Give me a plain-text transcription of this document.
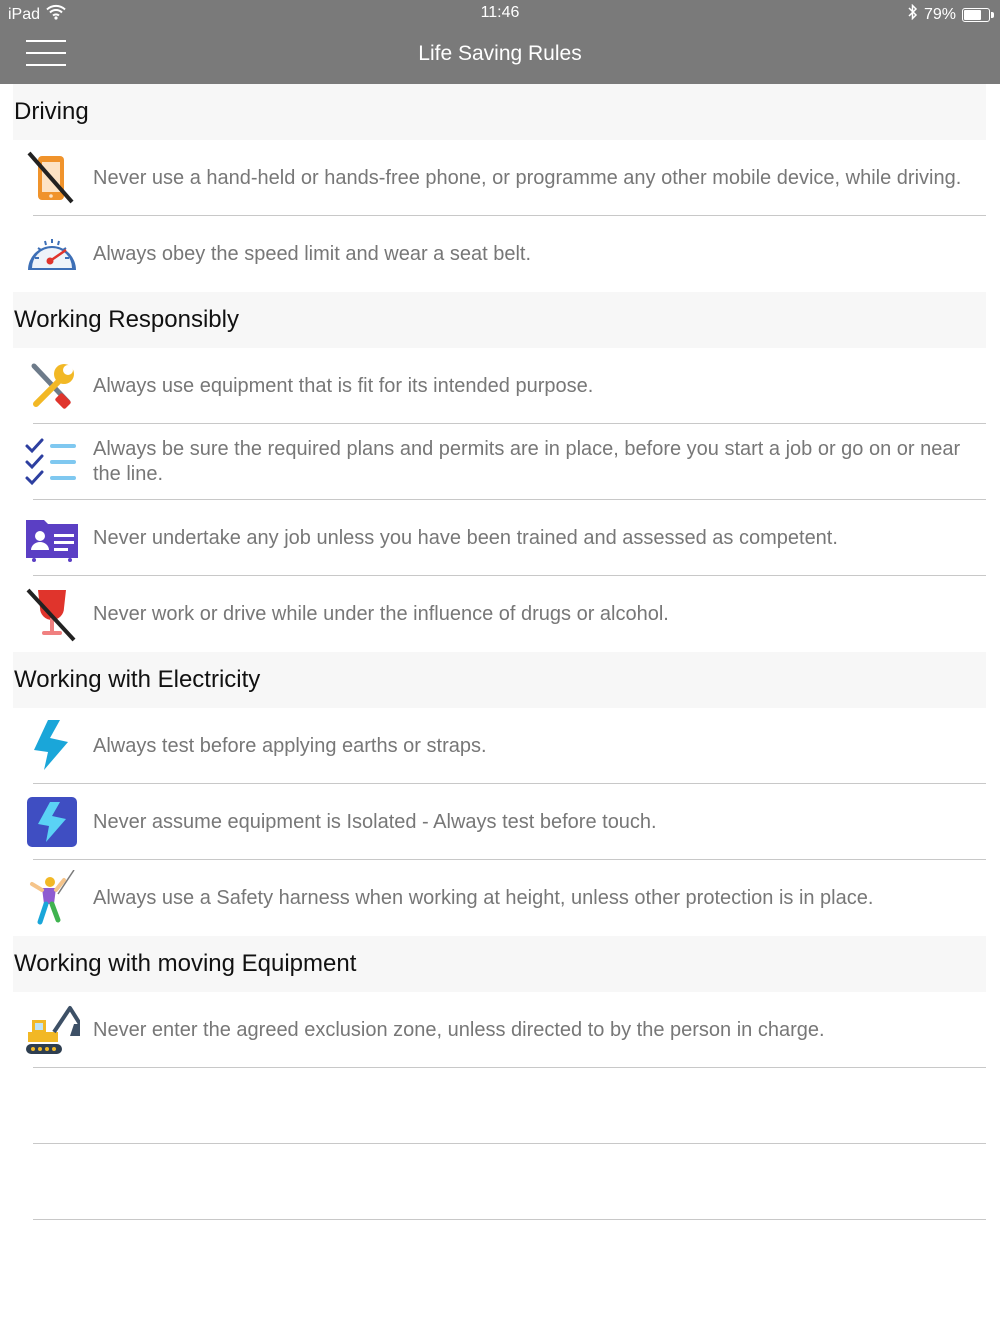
iPad	11:46	79%
Life Saving Rules
Driving
Never use a hand-held or hands-free phone, or programme any other mobile device, while driving.
Always obey the speed limit and wear a seat belt.
Working Responsibly
Always use equipment that is fit for its intended purpose.
Always be sure the required plans and permits are in place, before you start a job or go on or near the line.
Never undertake any job unless you have been trained and assessed as competent.
Never work or drive while under the influence of drugs or alcohol.
Working with Electricity
Always test before applying earths or straps.
Never assume equipment is Isolated - Always test before touch.
Always use a Safety harness when working at height, unless other protection is in place.
Working with moving Equipment
Never enter the agreed exclusion zone, unless directed to by the person in charge.
